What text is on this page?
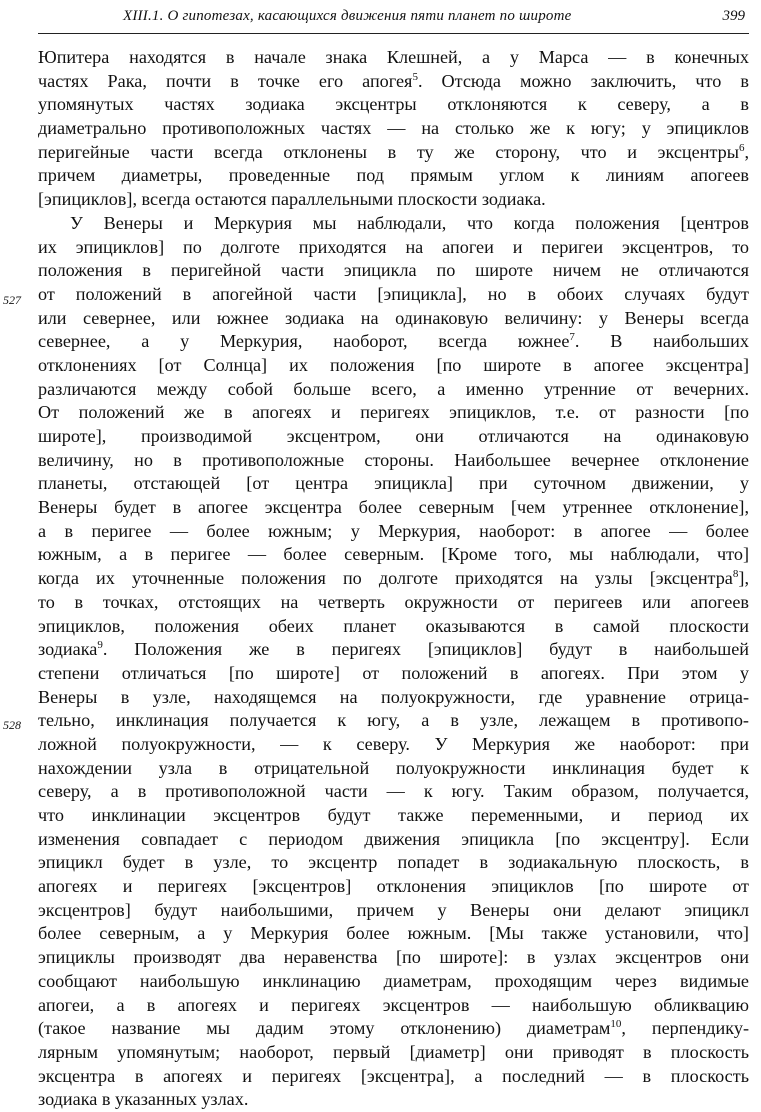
XIII.1. О гипотезах, касающихся движения пяти планет по широте	399
527
528
Юпитера находятся в начале знака Клешней, а у Марса — в конечных
частях Рака, почти в точке его апогея$^5$. Отсюда можно заключить, что в
упомянутых частях зодиака эксцентры отклоняются к северу, а в
диаметрально противоположных частях — на столько же к югу; у эпициклов
перигейные части всегда отклонены в ту же сторону, что и эксцентры$^6$,
причем диаметры, проведенные под прямым углом к линиям апогеев
[эпициклов], всегда остаются параллельными плоскости зодиака.
У Венеры и Меркурия мы наблюдали, что когда положения [центров
их эпициклов] по долготе приходятся на апогеи и перигеи эксцентров, то
положения в перигейной части эпицикла по широте ничем не отличаются
от положений в апогейной части [эпицикла], но в обоих случаях будут
или севернее, или южнее зодиака на одинаковую величину: у Венеры всегда
севернее, а у Меркурия, наоборот, всегда южнее$^7$. В наибольших
отклонениях [от Солнца] их положения [по широте в апогее эксцентра]
различаются между собой больше всего, а именно утренние от вечерних.
От положений же в апогеях и перигеях эпициклов, т.е. от разности [по
широте], производимой эксцентром, они отличаются на одинаковую
величину, но в противоположные стороны. Наибольшее вечернее отклонение
планеты, отстающей [от центра эпицикла] при суточном движении, у
Венеры будет в апогее эксцентра более северным [чем утреннее отклонение],
а в перигее — более южным; у Меркурия, наоборот: в апогее — более
южным, а в перигее — более северным. [Кроме того, мы наблюдали, что]
когда их уточненные положения по долготе приходятся на узлы [эксцентра$^8$],
то в точках, отстоящих на четверть окружности от перигеев или апогеев
эпициклов, положения обеих планет оказываются в самой плоскости
зодиака$^9$. Положения же в перигеях [эпициклов] будут в наибольшей
степени отличаться [по широте] от положений в апогеях. При этом у
Венеры в узле, находящемся на полуокружности, где уравнение отрица-
тельно, инклинация получается к югу, а в узле, лежащем в противопо-
ложной полуокружности, — к северу. У Меркурия же наоборот: при
нахождении узла в отрицательной полуокружности инклинация будет к
северу, а в противоположной части — к югу. Таким образом, получается,
что инклинации эксцентров будут также переменными, и период их
изменения совпадает с периодом движения эпицикла [по эксцентру]. Если
эпицикл будет в узле, то эксцентр попадет в зодиакальную плоскость, в
апогеях и перигеях [эксцентров] отклонения эпициклов [по широте от
эксцентров] будут наибольшими, причем у Венеры они делают эпицикл
более северным, а у Меркурия более южным. [Мы также установили, что]
эпициклы производят два неравенства [по широте]: в узлах эксцентров они
сообщают наибольшую инклинацию диаметрам, проходящим через видимые
апогеи, а в апогеях и перигеях эксцентров — наибольшую обликвацию
(такое название мы дадим этому отклонению) диаметрам$^{10}$, перпендику-
лярным упомянутым; наоборот, первый [диаметр] они приводят в плоскость
эксцентра в апогеях и перигеях [эксцентра], а последний — в плоскость
зодиака в указанных узлах.
